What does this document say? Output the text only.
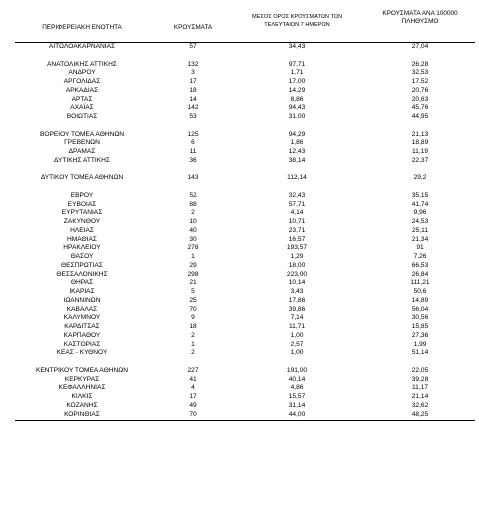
ΠΕΡΙΦΕΡΕΙΑΚΗ ΕΝΟΤΗΤΑ	ΚΡΟΥΣΜΑΤΑ
ΜΕΣΟΣ ΟΡΟΣ ΚΡΟΥΣΜΑΤΩΝ ΤΩΝ
ΤΕΛΕΥΤΑΙΩΝ 7 ΗΜΕΡΩΝ
ΚΡΟΥΣΜΑΤΑ ΑΝΑ 100000
ΠΛΗΘΥΣΜΟ
ΑΙΤΩΛΟΑΚΑΡΝΑΝΙΑΣ	57	34,43	27,04
ΑΝΑΤΟΛΙΚΗΣ ΑΤΤΙΚΗΣ	132	97,71	26,28
ΑΝΔΡΟΥ	3	1,71	32,53
ΑΡΓΟΛΙΔΑΣ	17	17,00	17,52
ΑΡΚΑΔΙΑΣ	18	14,29	20,76
ΑΡΤΑΣ	14	8,86	20,63
ΑΧΑΪΑΣ	142	94,43	45,76
ΒΟΙΩΤΙΑΣ	53	31,00	44,95
ΒΟΡΕΙΟΥ ΤΟΜΕΑ ΑΘΗΝΩΝ	125	94,29	21,13
ΓΡΕΒΕΝΩΝ	6	1,86	18,89
ΔΡΑΜΑΣ	11	12,43	11,19
ΔΥΤΙΚΗΣ ΑΤΤΙΚΗΣ	36	38,14	22,37
ΔΥΤΙΚΟΥ ΤΟΜΕΑ ΑΘΗΝΩΝ	143	112,14	29,2
ΕΒΡΟΥ	52	32,43	35,15
ΕΥΒΟΙΑΣ	88	57,71	41,74
ΕΥΡΥΤΑΝΙΑΣ	2	4,14	9,96
ΖΑΚΥΝΘΟΥ	10	10,71	24,53
ΗΛΕΙΑΣ	40	23,71	25,11
ΗΜΑΘΙΑΣ	30	16,57	21,34
ΗΡΑΚΛΕΙΟΥ	278	193,57	91
ΘΑΣΟΥ	1	1,29	7,26
ΘΕΣΠΡΩΤΙΑΣ	29	18,00	66,53
ΘΕΣΣΑΛΟΝΙΚΗΣ	298	223,00	26,84
ΘΗΡΑΣ	21	10,14	111,21
ΙΚΑΡΙΑΣ	5	3,43	50,6
ΙΩΑΝΝΙΝΩΝ	25	17,86	14,89
ΚΑΒΑΛΑΣ	70	39,86	56,04
ΚΑΛΥΜΝΟΥ	9	7,14	30,56
ΚΑΡΔΙΤΣΑΣ	18	11,71	15,85
ΚΑΡΠΑΘΟΥ	2	1,00	27,36
ΚΑΣΤΟΡΙΑΣ	1	2,57	1,99
ΚΕΑΣ - ΚΥΘΝΟΥ	2	1,00	51,14
ΚΕΝΤΡΙΚΟΥ ΤΟΜΕΑ ΑΘΗΝΩΝ	227	191,00	22,05
ΚΕΡΚΥΡΑΣ	41	40,14	39,28
ΚΕΦΑΛΛΗΝΙΑΣ	4	4,86	11,17
ΚΙΛΚΙΣ	17	15,57	21,14
ΚΟΖΑΝΗΣ	49	31,14	32,62
ΚΟΡΙΝΘΙΑΣ	70	44,00	48,25
